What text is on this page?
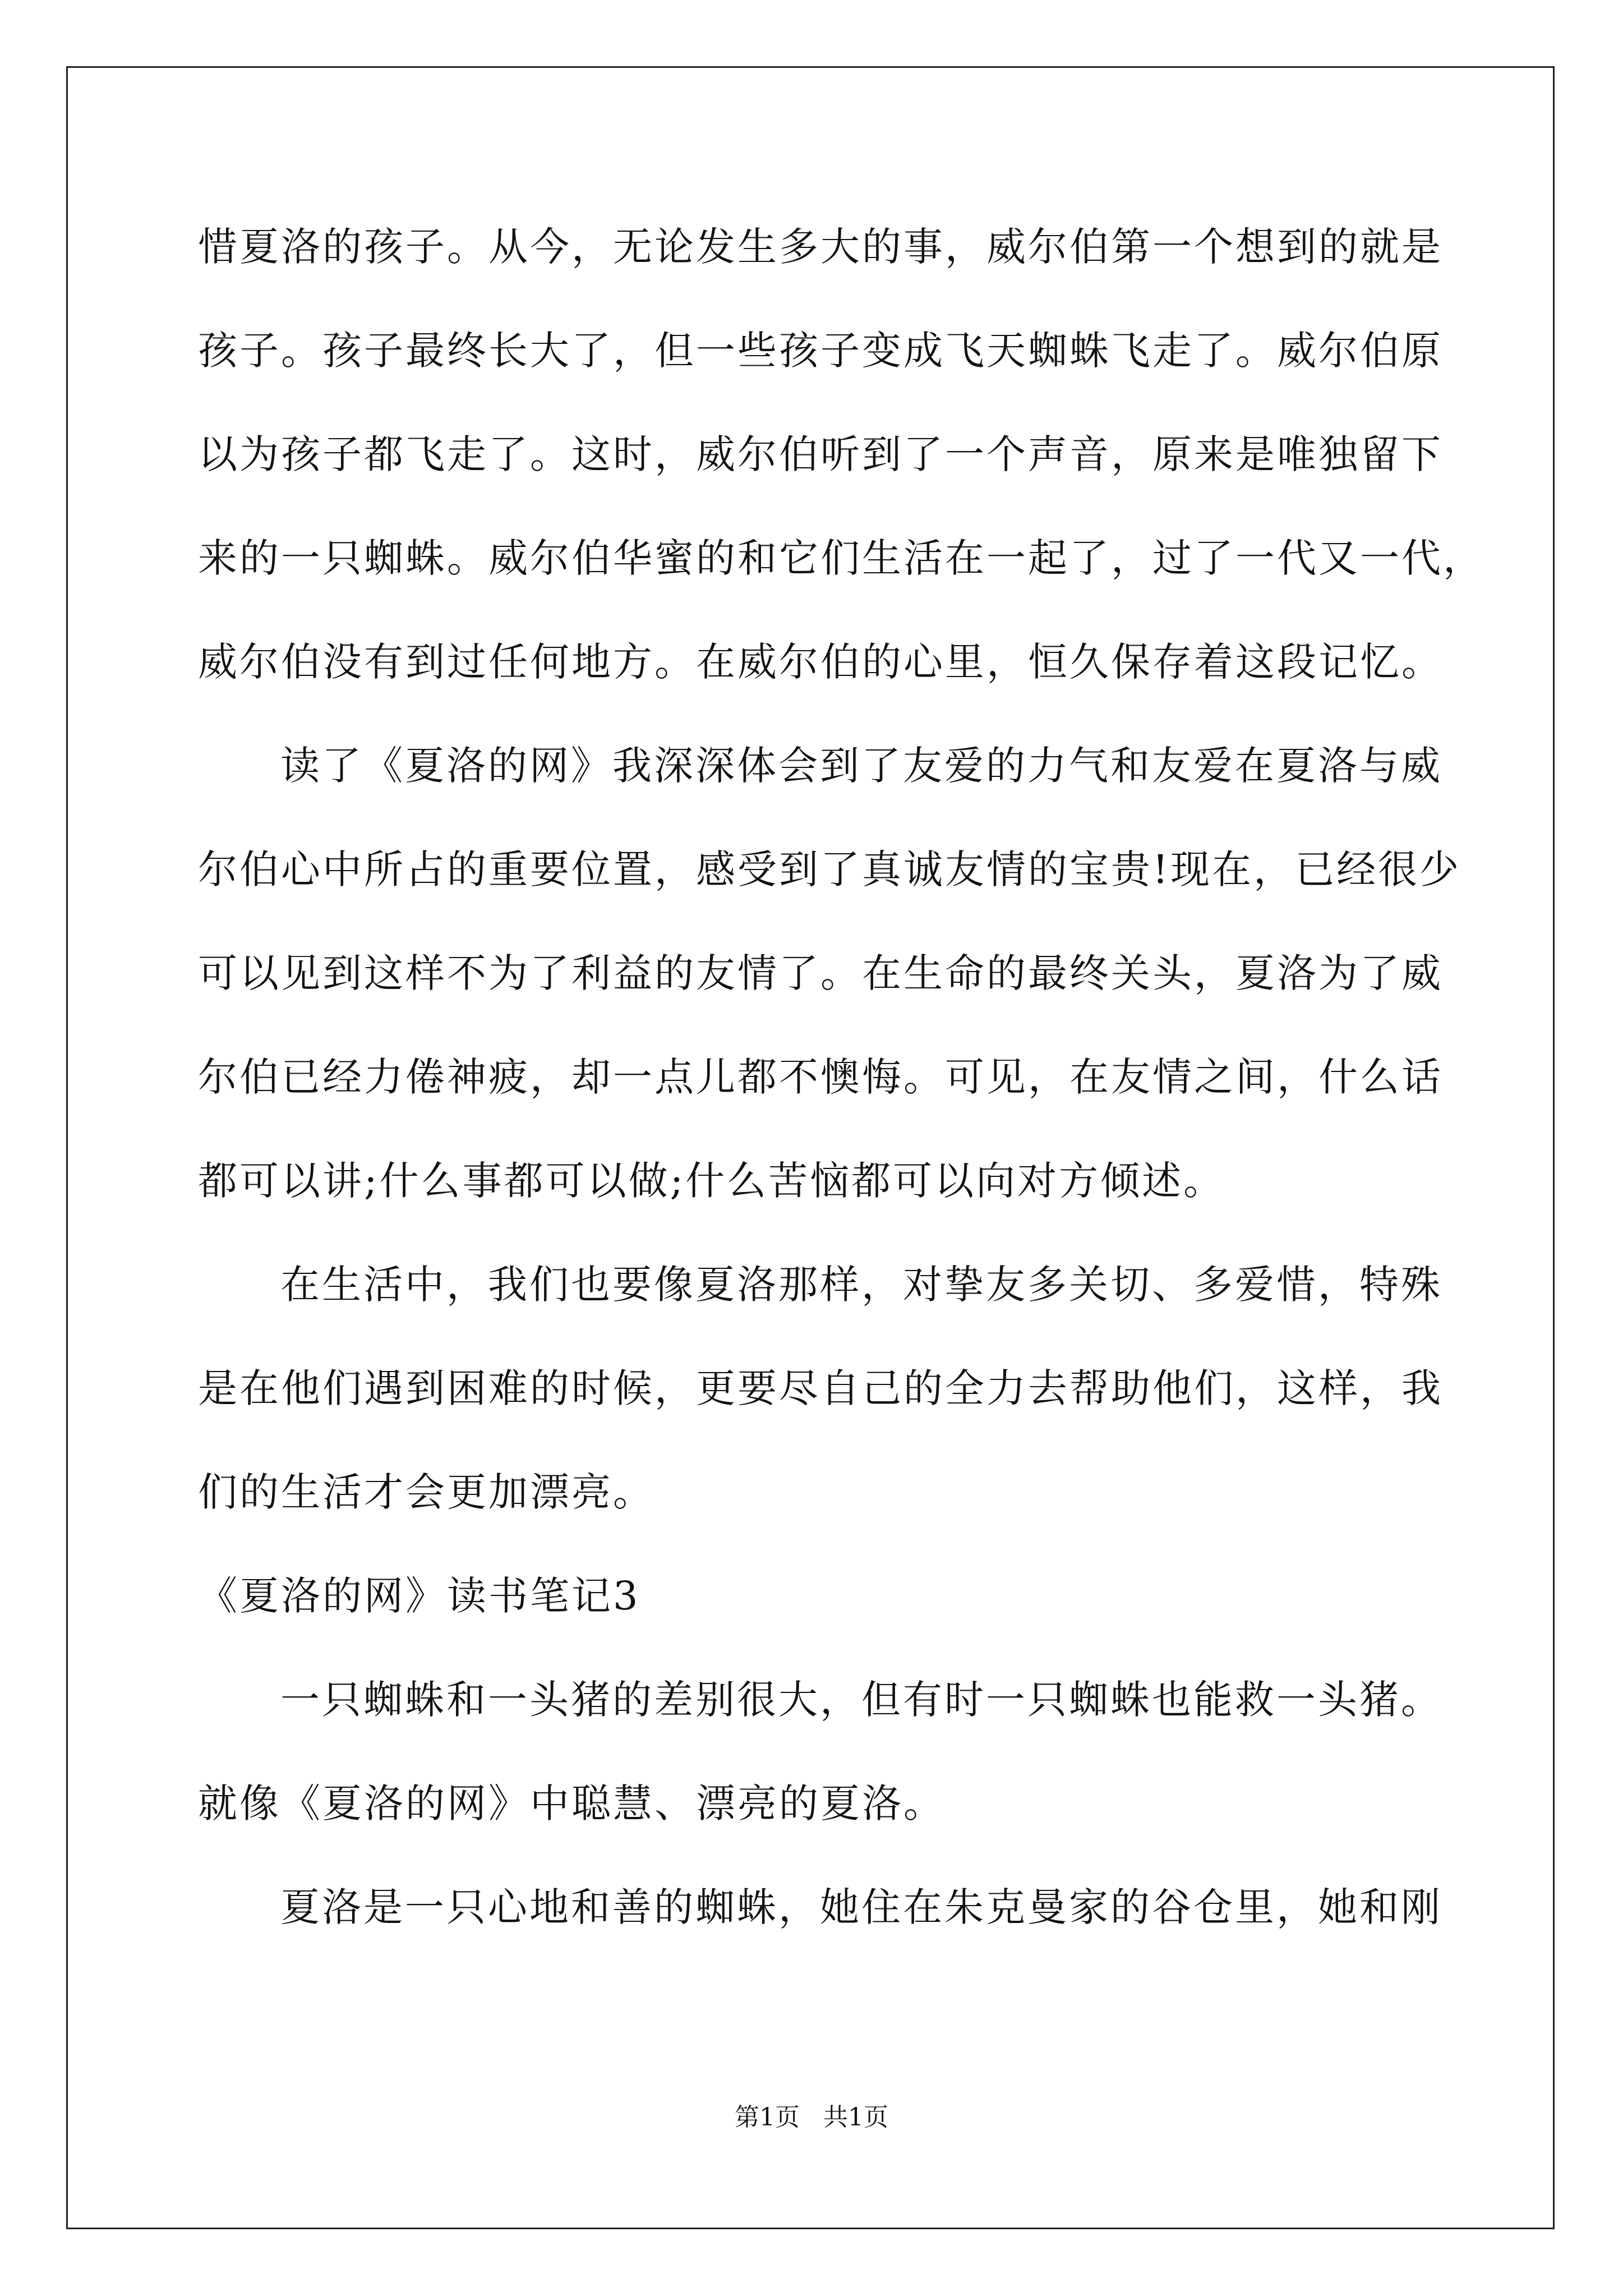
惜夏洛的孩子。从今，无论发生多大的事，威尔伯第一个想到的就是
孩子。孩子最终长大了，但一些孩子变成飞天蜘蛛飞走了。威尔伯原
以为孩子都飞走了。这时，威尔伯听到了一个声音，原来是唯独留下
来的一只蜘蛛。威尔伯华蜜的和它们生活在一起了，过了一代又一代，
威尔伯没有到过任何地方。在威尔伯的心里，恒久保存着这段记忆。
读了《夏洛的网》我深深体会到了友爱的力气和友爱在夏洛与威
尔伯心中所占的重要位置，感受到了真诚友情的宝贵!现在，已经很少
可以见到这样不为了利益的友情了。在生命的最终关头，夏洛为了威
尔伯已经力倦神疲，却一点儿都不懊悔。可见，在友情之间，什么话
都可以讲;什么事都可以做;什么苦恼都可以向对方倾述。
在生活中，我们也要像夏洛那样，对挚友多关切、多爱惜，特殊
是在他们遇到困难的时候，更要尽自己的全力去帮助他们，这样，我
们的生活才会更加漂亮。
《夏洛的网》读书笔记3
一只蜘蛛和一头猪的差别很大，但有时一只蜘蛛也能救一头猪。
就像《夏洛的网》中聪慧、漂亮的夏洛。
夏洛是一只心地和善的蜘蛛，她住在朱克曼家的谷仓里，她和刚
第1页   共1页
